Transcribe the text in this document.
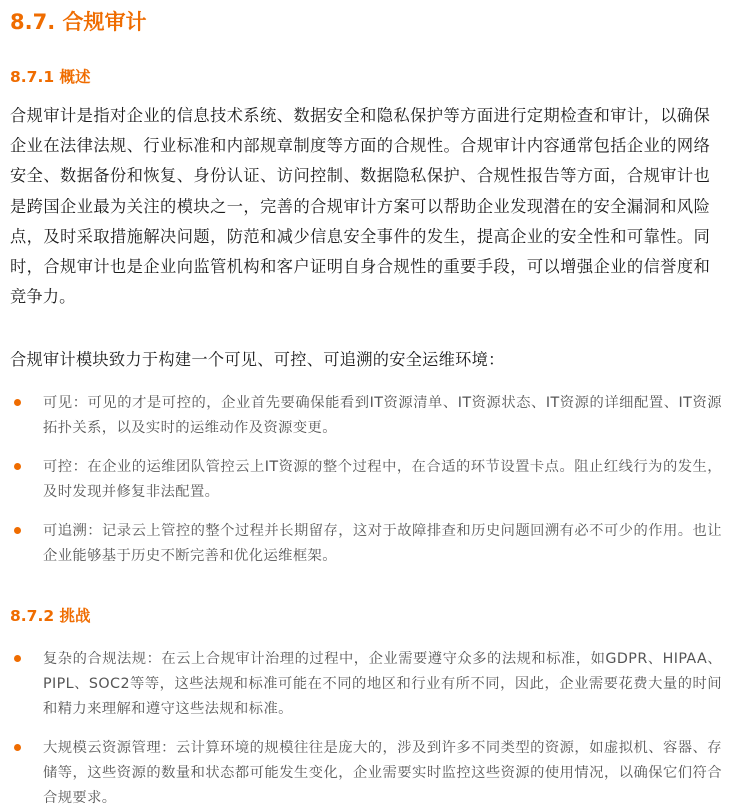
8.7. 合规审计
8.7.1 概述
合规审计是指对企业的信息技术系统、数据安全和隐私保护等方面进行定期检查和审计，以确保企业在法律法规、行业标准和内部规章制度等方面的合规性。合规审计内容通常包括企业的网络安全、数据备份和恢复、身份认证、访问控制、数据隐私保护、合规性报告等方面，合规审计也是跨国企业最为关注的模块之一，完善的合规审计方案可以帮助企业发现潜在的安全漏洞和风险点，及时采取措施解决问题，防范和减少信息安全事件的发生，提高企业的安全性和可靠性。同时，合规审计也是企业向监管机构和客户证明自身合规性的重要手段，可以增强企业的信誉度和竞争力。
合规审计模块致力于构建一个可见、可控、可追溯的安全运维环境：
可见：可见的才是可控的，企业首先要确保能看到IT资源清单、IT资源状态、IT资源的详细配置、IT资源拓扑关系，以及实时的运维动作及资源变更。
可控：在企业的运维团队管控云上IT资源的整个过程中，在合适的环节设置卡点。阻止红线行为的发生，及时发现并修复非法配置。
可追溯：记录云上管控的整个过程并长期留存，这对于故障排查和历史问题回溯有必不可少的作用。也让企业能够基于历史不断完善和优化运维框架。
8.7.2 挑战
复杂的合规法规：在云上合规审计治理的过程中，企业需要遵守众多的法规和标准，如GDPR、HIPAA、PIPL、SOC2等等，这些法规和标准可能在不同的地区和行业有所不同，因此，企业需要花费大量的时间和精力来理解和遵守这些法规和标准。
大规模云资源管理：云计算环境的规模往往是庞大的，涉及到许多不同类型的资源，如虚拟机、容器、存储等，这些资源的数量和状态都可能发生变化，企业需要实时监控这些资源的使用情况，以确保它们符合合规要求。
